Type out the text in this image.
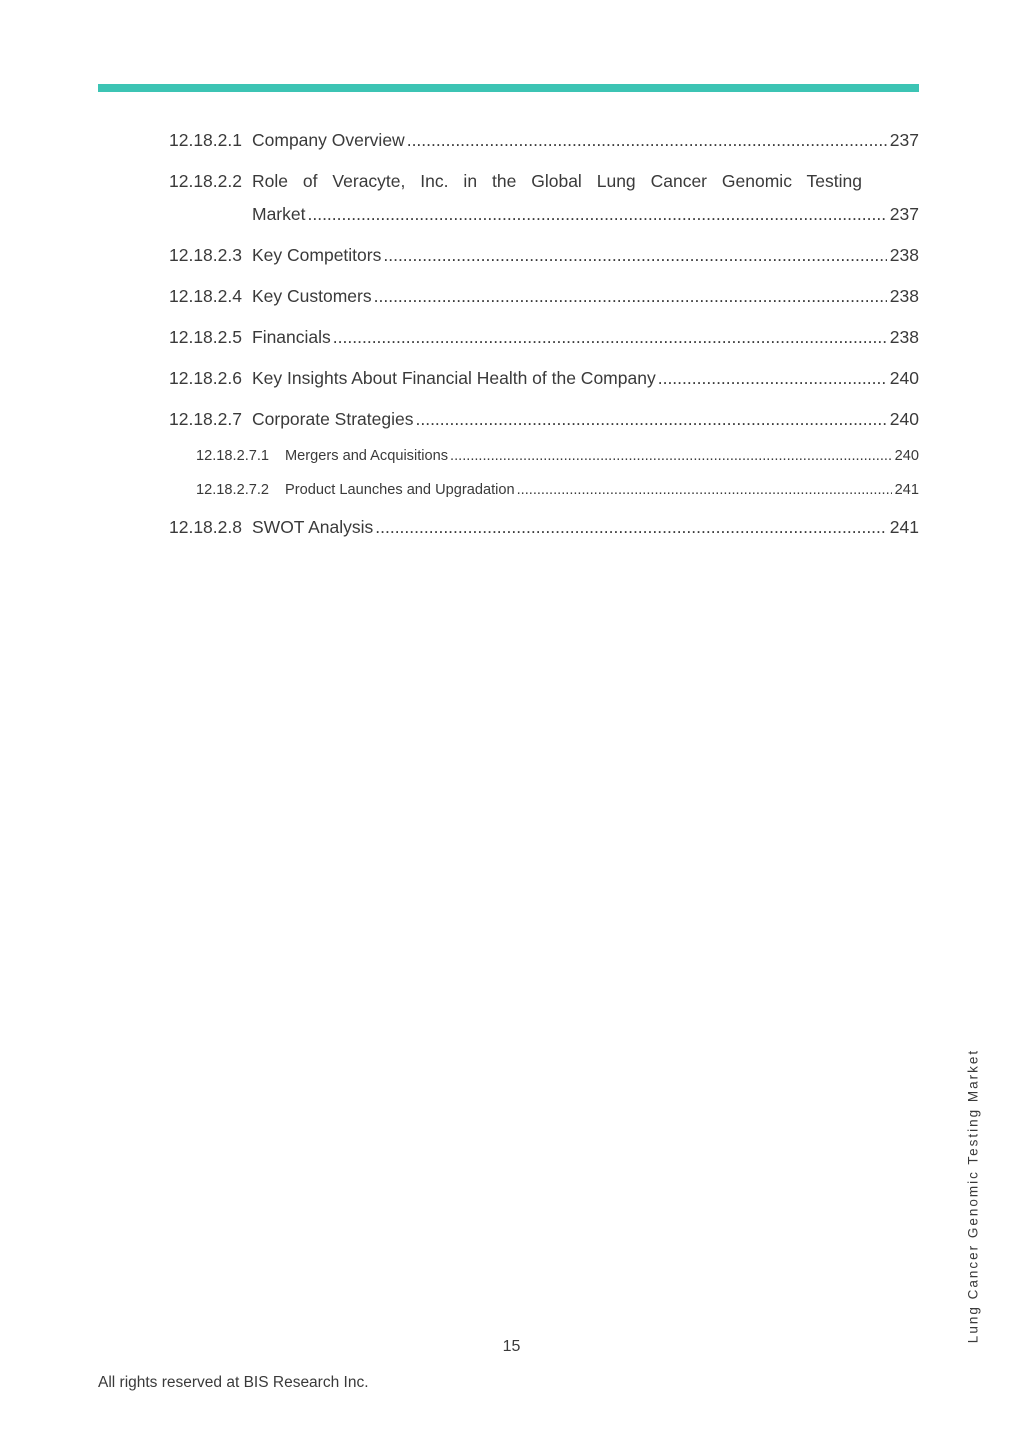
12.18.2.1 Company Overview .....	237
12.18.2.2 Role of Veracyte, Inc. in the Global Lung Cancer Genomic Testing
Market .....	237
12.18.2.3 Key Competitors .....	238
12.18.2.4 Key Customers .....	238
12.18.2.5 Financials .....	238
12.18.2.6 Key Insights About Financial Health of the Company .....	240
12.18.2.7 Corporate Strategies .....	240
12.18.2.7.1	Mergers and Acquisitions .....	240
12.18.2.7.2	Product Launches and Upgradation .....	241
12.18.2.8 SWOT Analysis .....	241
Lung Cancer Genomic Testing Market
15
All rights reserved at BIS Research Inc.
